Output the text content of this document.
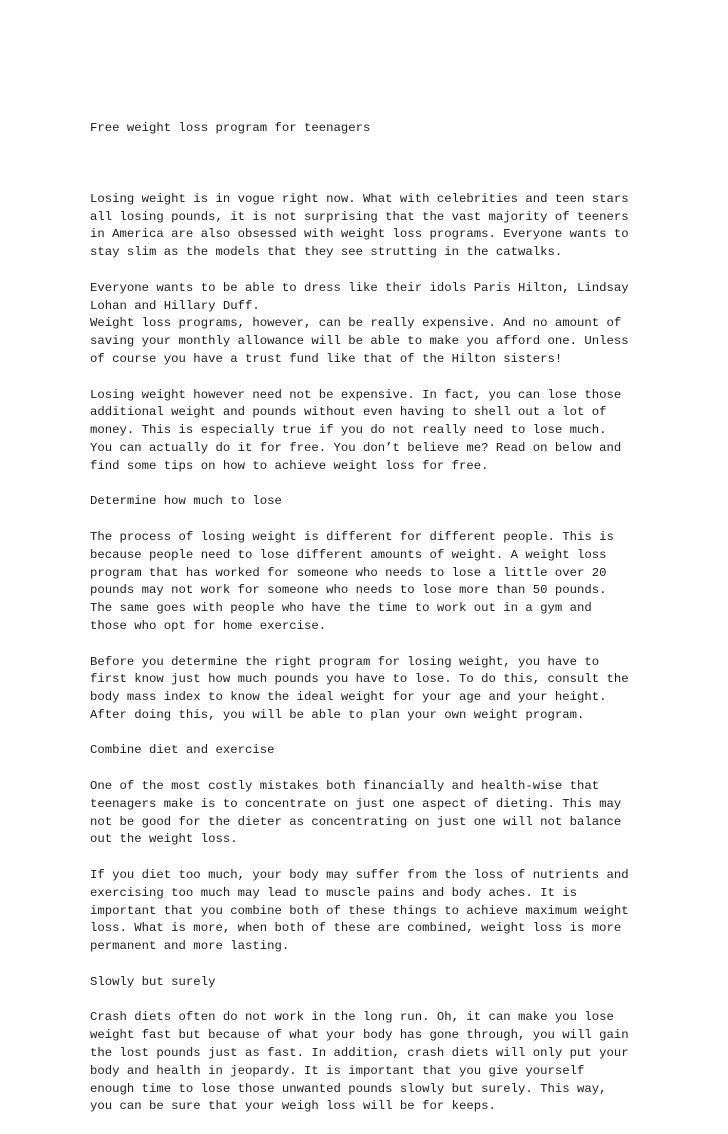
Free weight loss program for teenagers

Losing weight is in vogue right now. What with celebrities and teen stars
all losing pounds, it is not surprising that the vast majority of teeners
in America are also obsessed with weight loss programs. Everyone wants to
stay slim as the models that they see strutting in the catwalks.
Everyone wants to be able to dress like their idols Paris Hilton, Lindsay
Lohan and Hillary Duff.
Weight loss programs, however, can be really expensive. And no amount of
saving your monthly allowance will be able to make you afford one. Unless
of course you have a trust fund like that of the Hilton sisters!
Losing weight however need not be expensive. In fact, you can lose those
additional weight and pounds without even having to shell out a lot of
money. This is especially true if you do not really need to lose much.
You can actually do it for free. You don’t believe me? Read on below and
find some tips on how to achieve weight loss for free.
Determine how much to lose
The process of losing weight is different for different people. This is
because people need to lose different amounts of weight. A weight loss
program that has worked for someone who needs to lose a little over 20
pounds may not work for someone who needs to lose more than 50 pounds.
The same goes with people who have the time to work out in a gym and
those who opt for home exercise.
Before you determine the right program for losing weight, you have to
first know just how much pounds you have to lose. To do this, consult the
body mass index to know the ideal weight for your age and your height.
After doing this, you will be able to plan your own weight program.
Combine diet and exercise
One of the most costly mistakes both financially and health-wise that
teenagers make is to concentrate on just one aspect of dieting. This may
not be good for the dieter as concentrating on just one will not balance
out the weight loss.
If you diet too much, your body may suffer from the loss of nutrients and
exercising too much may lead to muscle pains and body aches. It is
important that you combine both of these things to achieve maximum weight
loss. What is more, when both of these are combined, weight loss is more
permanent and more lasting.
Slowly but surely
Crash diets often do not work in the long run. Oh, it can make you lose
weight fast but because of what your body has gone through, you will gain
the lost pounds just as fast. In addition, crash diets will only put your
body and health in jeopardy. It is important that you give yourself
enough time to lose those unwanted pounds slowly but surely. This way,
you can be sure that your weigh loss will be for keeps.
